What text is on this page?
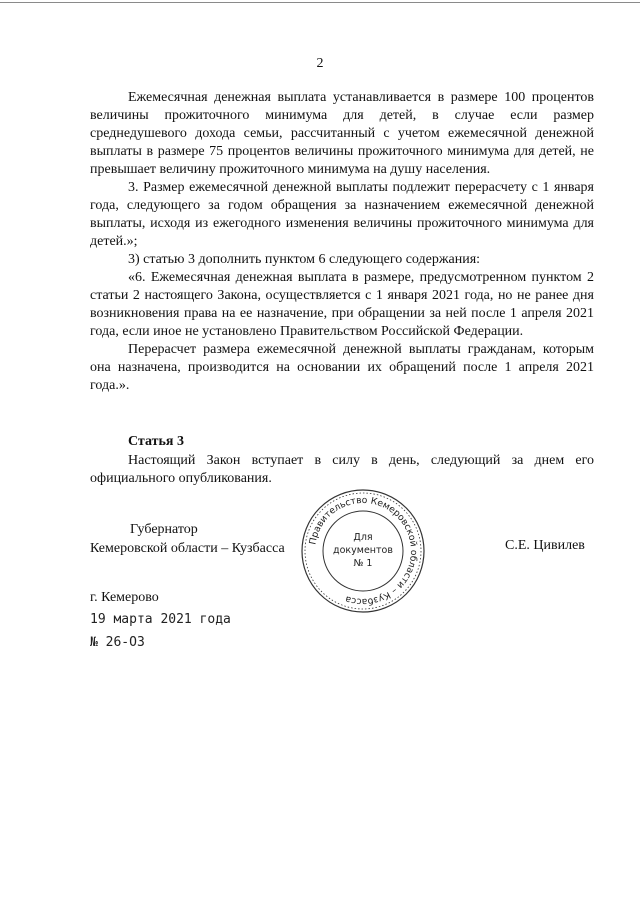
2

Ежемесячная денежная выплата устанавливается в размере 100 процентов величины прожиточного минимума для детей, в случае если размер среднедушевого дохода семьи, рассчитанный с учетом ежемесячной денежной выплаты в размере 75 процентов величины прожиточного минимума для детей, не превышает величину прожиточного минимума на душу населения.

3. Размер ежемесячной денежной выплаты подлежит перерасчету с 1 января года, следующего за годом обращения за назначением ежемесячной денежной выплаты, исходя из ежегодного изменения величины прожиточного минимума для детей.»;

3) статью 3 дополнить пунктом 6 следующего содержания:

«6. Ежемесячная денежная выплата в размере, предусмотренном пунктом 2 статьи 2 настоящего Закона, осуществляется с 1 января 2021 года, но не ранее дня возникновения права на ее назначение, при обращении за ней после 1 апреля 2021 года, если иное не установлено Правительством Российской Федерации.

Перерасчет размера ежемесячной денежной выплаты гражданам, которым она назначена, производится на основании их обращений после 1 апреля 2021 года.».

Статья 3

Настоящий Закон вступает в силу в день, следующий за днем его официального опубликования.

Губернатор
Кемеровской области – Кузбасса Правительство Кемеровской области – Кузбасса
Для
документов
№ 1
С.Е. Цивилев
г. Кемерово
19 марта 2021 года
№ 26-ОЗ
